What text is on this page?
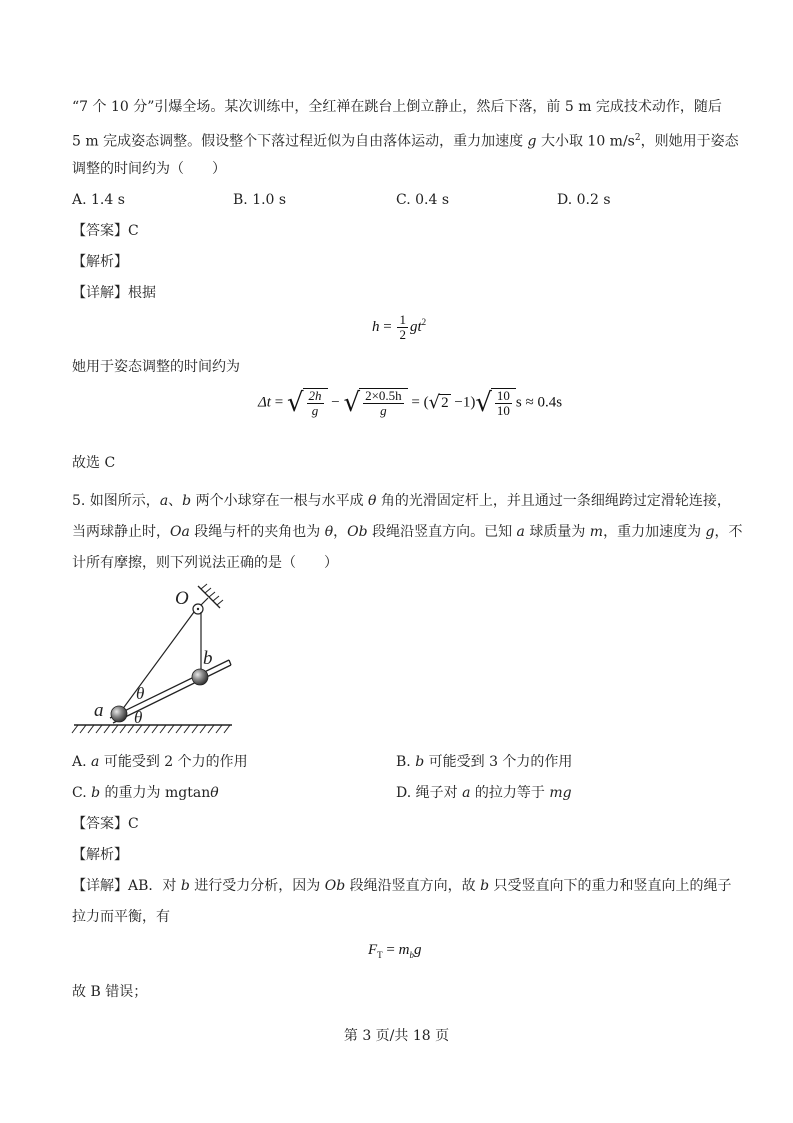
“7 个 10 分”引爆全场。某次训练中，全红禅在跳台上倒立静止，然后下落，前 5 m 完成技术动作，随后
5 m 完成姿态调整。假设整个下落过程近似为自由落体运动，重力加速度 g 大小取 10 $m/s^2$，则她用于姿态
调整的时间约为（　　）
A. 1.4 s	B. 1.0 s	C. 0.4 s	D. 0.2 s
【答案】C
【解析】
【详解】根据
$h = \frac{1}{2} gt^2$
她用于姿态调整的时间约为
Δt = √ $\frac{2h}{g}$ − √ $\frac{2\times 0.5h}{g}$ = ( √ 2 −1) √ $\frac{10}{10}$ s ≈ 0.4s
故选 C
5. 如图所示，a、b 两个小球穿在一根与水平成 θ 角的光滑固定杆上，并且通过一条细绳跨过定滑轮连接，
当两球静止时，Oa 段绳与杆的夹角也为 θ，Ob 段绳沿竖直方向。已知 a 球质量为 m，重力加速度为 g，不
计所有摩擦，则下列说法正确的是（　　）
O
b
a
θ
θ
A. a 可能受到 2 个力的作用	B. b 可能受到 3 个力的作用
C. b 的重力为 mgtanθ	D. 绳子对 a 的拉力等于 mg
【答案】C
【解析】
【详解】AB．对 b 进行受力分析，因为 Ob 段绳沿竖直方向，故 b 只受竖直向下的重力和竖直向上的绳子
拉力而平衡，有
$F_T = m_bg$
故 B 错误；
第 3 页/共 18 页
